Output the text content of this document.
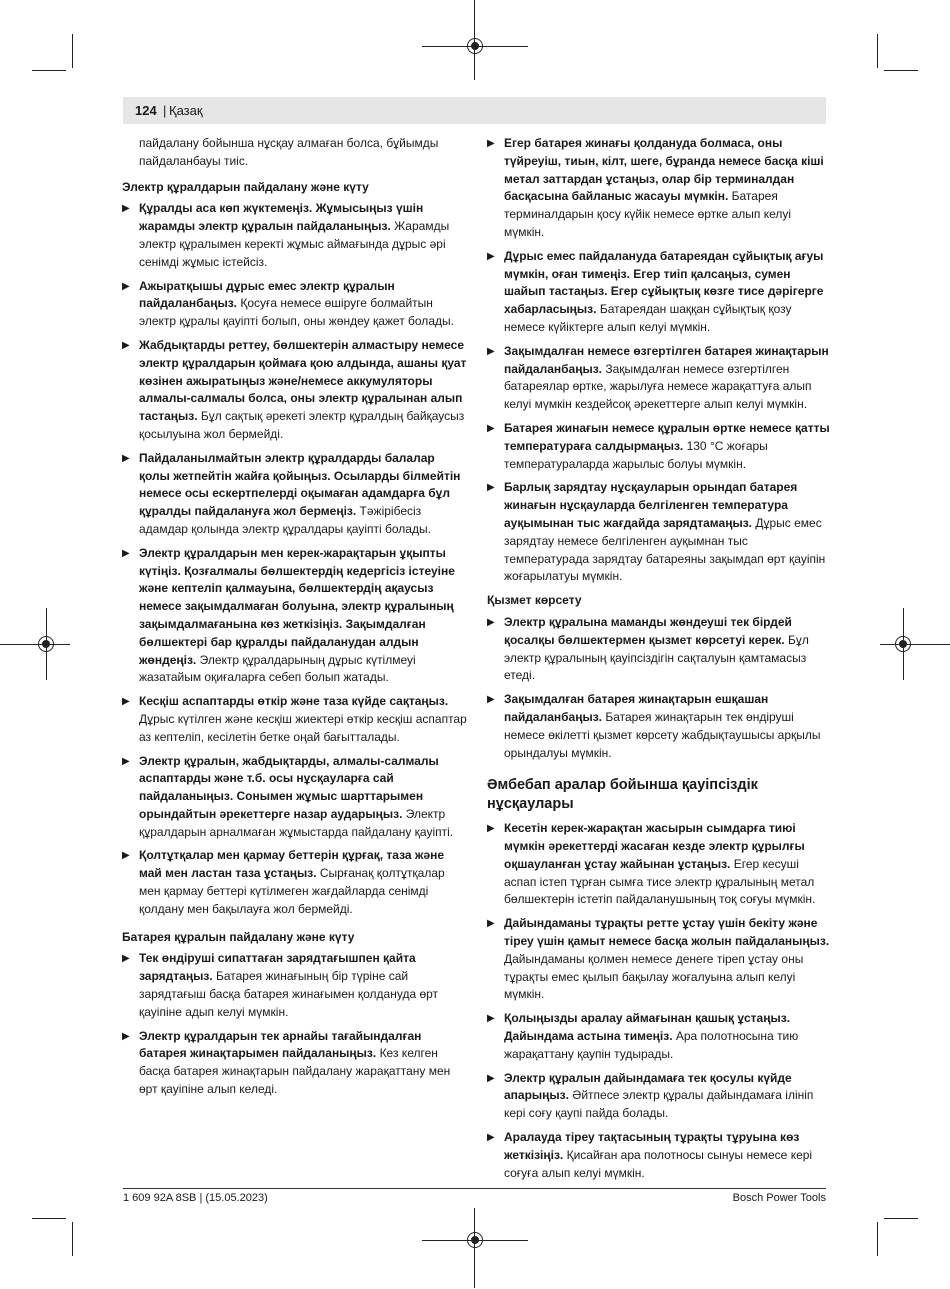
124 | Қазақ

пайдалану бойынша нұсқау алмаған болса, бұйымды пайдаланбауы тиіс.

Электр құралдарын пайдалану және күту
▶ Құралды аса көп жүктемеңіз. Жұмысыңыз үшін жарамды электр құралын пайдаланыңыз. Жарамды электр құралымен керекті жұмыс аймағында дұрыс әрі сенімді жұмыс істейсіз.
▶ Ажыратқышы дұрыс емес электр құралын пайдаланбаңыз. Қосуға немесе өшіруге болмайтын электр құралы қауіпті болып, оны жөндеу қажет болады.
▶ Жабдықтарды реттеу, бөлшектерін алмастыру немесе электр құралдарын қоймаға қою алдында, ашаны қуат көзінен ажыратыңыз және/немесе аккумуляторы алмалы-салмалы болса, оны электр құралынан алып тастаңыз. Бұл сақтық әрекеті электр құралдың байқаусыз қосылуына жол бермейді.
▶ Пайдаланылмайтын электр құралдарды балалар қолы жетпейтін жайға қойыңыз. Осыларды білмейтін немесе осы ескертпелерді оқымаған адамдарға бұл құралды пайдалануға жол бермеңіз. Тәжірібесіз адамдар қолында электр құралдары қауіпті болады.
▶ Электр құралдарын мен керек-жарақтарын ұқыпты күтіңіз. Қозғалмалы бөлшектердің кедергісіз істеуіне және кептеліп қалмауына, бөлшектердің ақаусыз немесе зақымдалмаған болуына, электр құралының зақымдалмағанына көз жеткізіңіз. Зақымдалған бөлшектері бар құралды пайдаланудан алдын жөндеңіз. Электр құралдарының дұрыс күтілмеуі жазатайым оқиғаларға себеп болып жатады.
▶ Кесқіш аспаптарды өткір және таза күйде сақтаңыз. Дұрыс күтілген және кесқіш жиектері өткір кесқіш аспаптар аз кептеліп, кесілетін бетке оңай бағытталады.
▶ Электр құралын, жабдықтарды, алмалы-салмалы аспаптарды және т.б. осы нұсқауларға сай пайдаланыңыз. Сонымен жұмыс шарттарымен орындайтын әрекеттерге назар аударыңыз. Электр құралдарын арналмаған жұмыстарда пайдалану қауіпті.
▶ Қолтұтқалар мен қармау беттерін құрғақ, таза және май мен ластан таза ұстаңыз. Сырғанақ қолтұтқалар мен қармау беттері күтілмеген жағдайларда сенімді қолдану мен бақылауға жол бермейді.
Батарея құралын пайдалану және күту
▶ Тек өндіруші сипаттаған зарядтағышпен қайта зарядтаңыз. Батарея жинағының бір түріне сай зарядтағыш басқа батарея жинағымен қолдануда өрт қауіпіне адып келуі мүмкін.
▶ Электр құралдарын тек арнайы тағайындалған батарея жинақтарымен пайдаланыңыз. Кез келген басқа батарея жинақтарын пайдалану жарақаттану мен өрт қауіпіне алып келеді.
▶ Егер батарея жинағы қолдануда болмаса, оны түйреуіш, тиын, кілт, шеге, бұранда немесе басқа кіші метал заттардан ұстаңыз, олар бір терминалдан басқасына байланыс жасауы мүмкін. Батарея терминалдарын қосу күйік немесе өртке алып келуі мүмкін.
▶ Дұрыс емес пайдалануда батареядан сұйықтық ағуы мүмкін, оған тимеңіз. Егер тиіп қалсаңыз, сумен шайып тастаңыз. Егер сұйықтық көзге тисе дәрігерге хабарласыңыз. Батареядан шаққан сұйықтық қозу немесе күйіктерге алып келуі мүмкін.
▶ Зақымдалған немесе өзгертілген батарея жинақтарын пайдаланбаңыз. Зақымдалған немесе өзгертілген батареялар өртке, жарылуға немесе жарақаттуға алып келуі мүмкін кездейсоқ әрекеттерге алып келуі мүмкін.
▶ Батарея жинағын немесе құралын өртке немесе қатты температураға салдырмаңыз. 130 °C жоғары температураларда жарылыс болуы мүмкін.
▶ Барлық зарядтау нұсқауларын орындап батарея жинағын нұсқауларда белгіленген температура ауқымынан тыс жағдайда зарядтамаңыз. Дұрыс емес зарядтау немесе белгіленген ауқымнан тыс температурада зарядтау батареяны зақымдап өрт қауіпін жоғарылатуы мүмкін.
Қызмет көрсету
▶ Электр құралына маманды жөндеуші тек бірдей қосалқы бөлшектермен қызмет көрсетуі керек. Бұл электр құралының қауіпсіздігін сақталуын қамтамасыз етеді.
▶ Зақымдалған батарея жинақтарын ешқашан пайдаланбаңыз. Батарея жинақтарын тек өндіруші немесе өкілетті қызмет көрсету жабдықтаушысы арқылы орындалуы мүмкін.
Әмбебап аралар бойынша қауіпсіздік нұсқаулары
▶ Кесетін керек-жарақтан жасырын сымдарға тиюі мүмкін әрекеттерді жасаған кезде электр құрылғы оқшауланған ұстау жайынан ұстаңыз. Егер кесуші аспап істеп тұрған сымға тисе электр құралының метал бөлшектерін істетіп пайдаланушының тоқ соғуы мүмкін.
▶ Дайындаманы тұрақты ретте ұстау үшін бекіту және тіреу үшін қамыт немесе басқа жолын пайдаланыңыз. Дайындаманы қолмен немесе денеге тіреп ұстау оны тұрақты емес қылып бақылау жоғалуына алып келуі мүмкін.
▶ Қолыңызды аралау аймағынан қашық ұстаңыз. Дайындама астына тимеңіз. Ара полотносына тию жарақаттану қаупін тудырады.
▶ Электр құралын дайындамаға тек қосулы күйде апарыңыз. Әйтпесе электр құралы дайындамаға ілініп кері соғу қаупі пайда болады.
▶ Аралауда тіреу тақтасының тұрақты тұруына көз жеткізіңіз. Қисайған ара полотносы сынуы немесе кері соғуға алып келуі мүмкін.
1 609 92A 8SB | (15.05.2023)	Bosch Power Tools
